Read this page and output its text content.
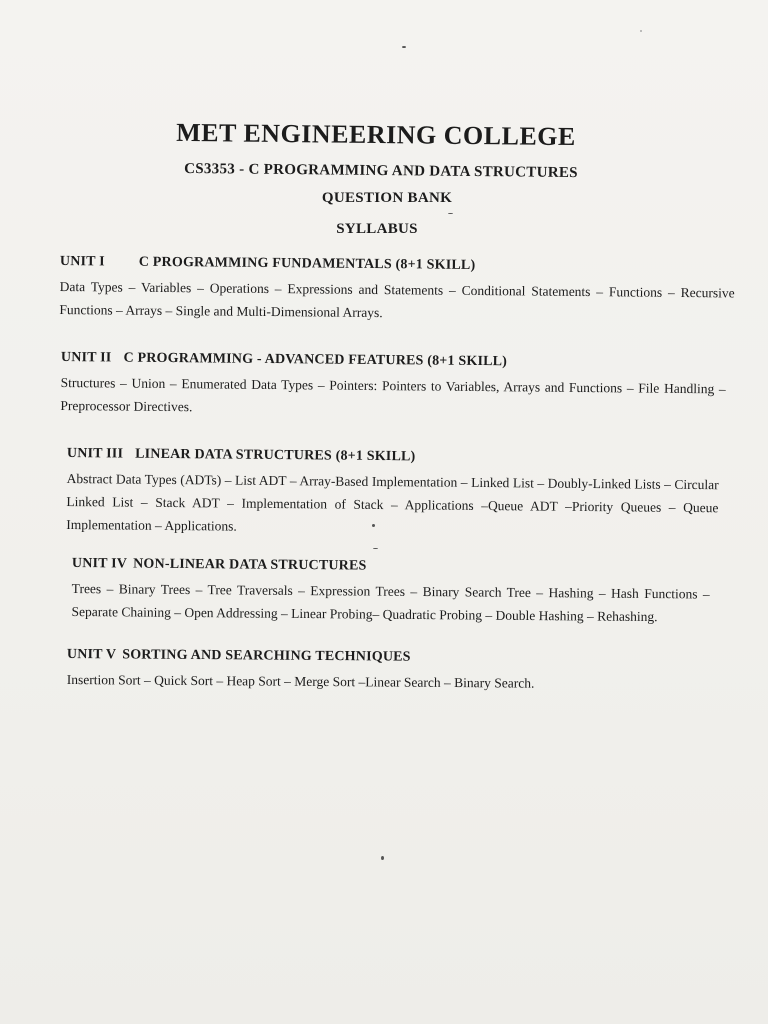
MET ENGINEERING COLLEGE
CS3353 - C PROGRAMMING AND DATA STRUCTURES
QUESTION BANK
SYLLABUS
UNIT I C PROGRAMMING FUNDAMENTALS (8+1 SKILL)
Data Types – Variables – Operations – Expressions and Statements – Conditional Statements – Functions – Recursive Functions – Arrays – Single and Multi-Dimensional Arrays.
UNIT II C PROGRAMMING - ADVANCED FEATURES (8+1 SKILL)
Structures – Union – Enumerated Data Types – Pointers: Pointers to Variables, Arrays and Functions – File Handling – Preprocessor Directives.
UNIT III LINEAR DATA STRUCTURES (8+1 SKILL)
Abstract Data Types (ADTs) – List ADT – Array-Based Implementation – Linked List – Doubly-Linked Lists – Circular Linked List – Stack ADT – Implementation of Stack – Applications –Queue ADT –Priority Queues – Queue Implementation – Applications.
UNIT IV NON-LINEAR DATA STRUCTURES
Trees – Binary Trees – Tree Traversals – Expression Trees – Binary Search Tree – Hashing – Hash Functions – Separate Chaining – Open Addressing – Linear Probing– Quadratic Probing – Double Hashing – Rehashing.
UNIT V SORTING AND SEARCHING TECHNIQUES
Insertion Sort – Quick Sort – Heap Sort – Merge Sort –Linear Search – Binary Search.
